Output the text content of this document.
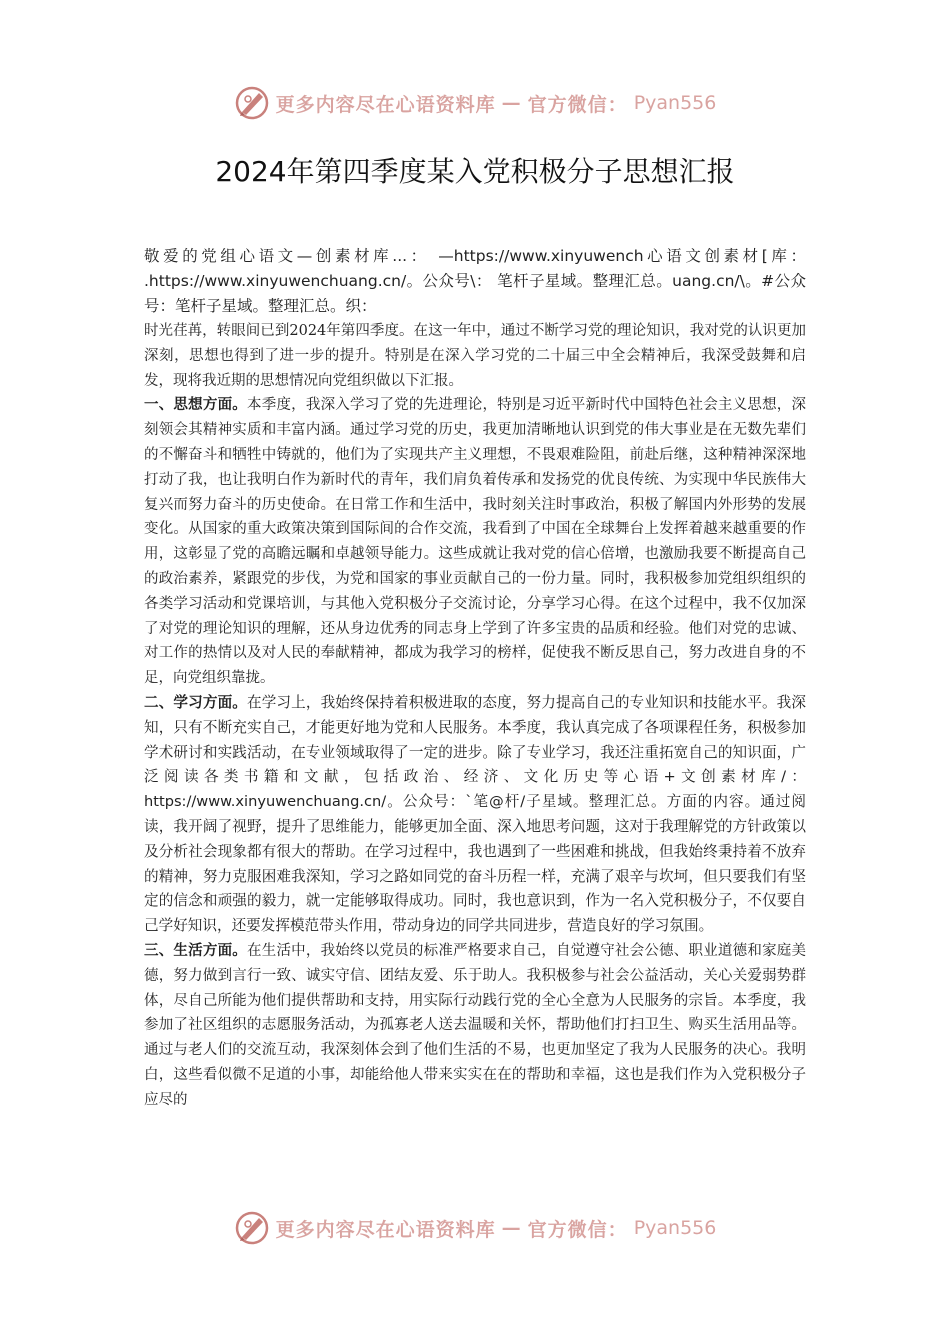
更多内容尽在心语资料库 — 官方微信： Pyan556
2024年第四季度某入党积极分子思想汇报

敬爱的党组心语文—创素材库...： —https://www.xinyuwench心语文创素材[库： .https://www.xinyuwenchuang.cn/。公众号\： 笔杆子星域。整理汇总。uang.cn/\。#公众号：笔杆子星域。整理汇总。织：

时光荏苒，转眼间已到2024年第四季度。在这一年中，通过不断学习党的理论知识，我对党的认识更加深刻，思想也得到了进一步的提升。特别是在深入学习党的二十届三中全会精神后，我深受鼓舞和启发，现将我近期的思想情况向党组织做以下汇报。

一、思想方面。本季度，我深入学习了党的先进理论，特别是习近平新时代中国特色社会主义思想，深刻领会其精神实质和丰富内涵。通过学习党的历史，我更加清晰地认识到党的伟大事业是在无数先辈们的不懈奋斗和牺牲中铸就的，他们为了实现共产主义理想，不畏艰难险阻，前赴后继，这种精神深深地打动了我，也让我明白作为新时代的青年，我们肩负着传承和发扬党的优良传统、为实现中华民族伟大复兴而努力奋斗的历史使命。在日常工作和生活中，我时刻关注时事政治，积极了解国内外形势的发展变化。从国家的重大政策决策到国际间的合作交流，我看到了中国在全球舞台上发挥着越来越重要的作用，这彰显了党的高瞻远瞩和卓越领导能力。这些成就让我对党的信心倍增，也激励我要不断提高自己的政治素养，紧跟党的步伐，为党和国家的事业贡献自己的一份力量。同时，我积极参加党组织组织的各类学习活动和党课培训，与其他入党积极分子交流讨论，分享学习心得。在这个过程中，我不仅加深了对党的理论知识的理解，还从身边优秀的同志身上学到了许多宝贵的品质和经验。他们对党的忠诚、对工作的热情以及对人民的奉献精神，都成为我学习的榜样，促使我不断反思自己，努力改进自身的不足，向党组织靠拢。

二、学习方面。在学习上，我始终保持着积极进取的态度，努力提高自己的专业知识和技能水平。我深知，只有不断充实自己，才能更好地为党和人民服务。本季度，我认真完成了各项课程任务，积极参加学术研讨和实践活动，在专业领域取得了一定的进步。除了专业学习，我还注重拓宽自己的知识面，广泛阅读各类书籍和文献，包括政治、经济、文化历史等心语+文创素材库/：https://www.xinyuwenchuang.cn/。公众号：`笔@杆/子星域。整理汇总。方面的内容。通过阅读，我开阔了视野，提升了思维能力，能够更加全面、深入地思考问题，这对于我理解党的方针政策以及分析社会现象都有很大的帮助。在学习过程中，我也遇到了一些困难和挑战，但我始终秉持着不放弃的精神，努力克服困难我深知，学习之路如同党的奋斗历程一样，充满了艰辛与坎坷，但只要我们有坚定的信念和顽强的毅力，就一定能够取得成功。同时，我也意识到，作为一名入党积极分子，不仅要自己学好知识，还要发挥模范带头作用，带动身边的同学共同进步，营造良好的学习氛围。

三、生活方面。在生活中，我始终以党员的标准严格要求自己，自觉遵守社会公德、职业道德和家庭美德，努力做到言行一致、诚实守信、团结友爱、乐于助人。我积极参与社会公益活动，关心关爱弱势群体，尽自己所能为他们提供帮助和支持，用实际行动践行党的全心全意为人民服务的宗旨。本季度，我参加了社区组织的志愿服务活动，为孤寡老人送去温暖和关怀，帮助他们打扫卫生、购买生活用品等。通过与老人们的交流互动，我深刻体会到了他们生活的不易，也更加坚定了我为人民服务的决心。我明白，这些看似微不足道的小事，却能给他人带来实实在在的帮助和幸福，这也是我们作为入党积极分子应尽的

更多内容尽在心语资料库 — 官方微信： Pyan556
